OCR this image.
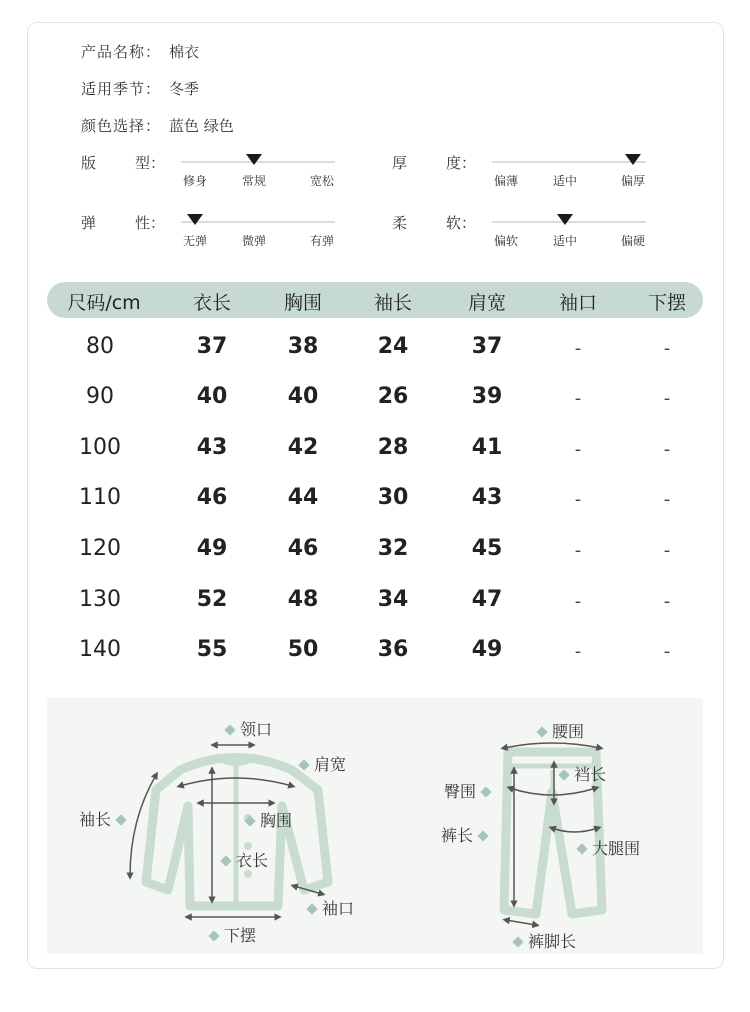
产品名称： 棉衣
适用季节： 冬季
颜色选择： 蓝色 绿色
版	型：
修身	常规	宽松
厚	度：
偏薄	适中	偏厚
弹	性：
无弹	微弹	有弹
柔	软：
偏软	适中	偏硬
尺码/cm	衣长	胸围	袖长	肩宽	袖口	下摆
80	37	38	24	37	-	-
90	40	40	26	39	-	-
100	43	42	28	41	-	-
110	46	44	30	43	-	-
120	49	46	32	45	-	-
130	52	48	34	47	-	-
140	55	50	36	49	-	-
领口
肩宽
袖长	胸围
衣长
袖口
下摆
腰围
裆长
臀围
裤长
大腿围
裤脚长
